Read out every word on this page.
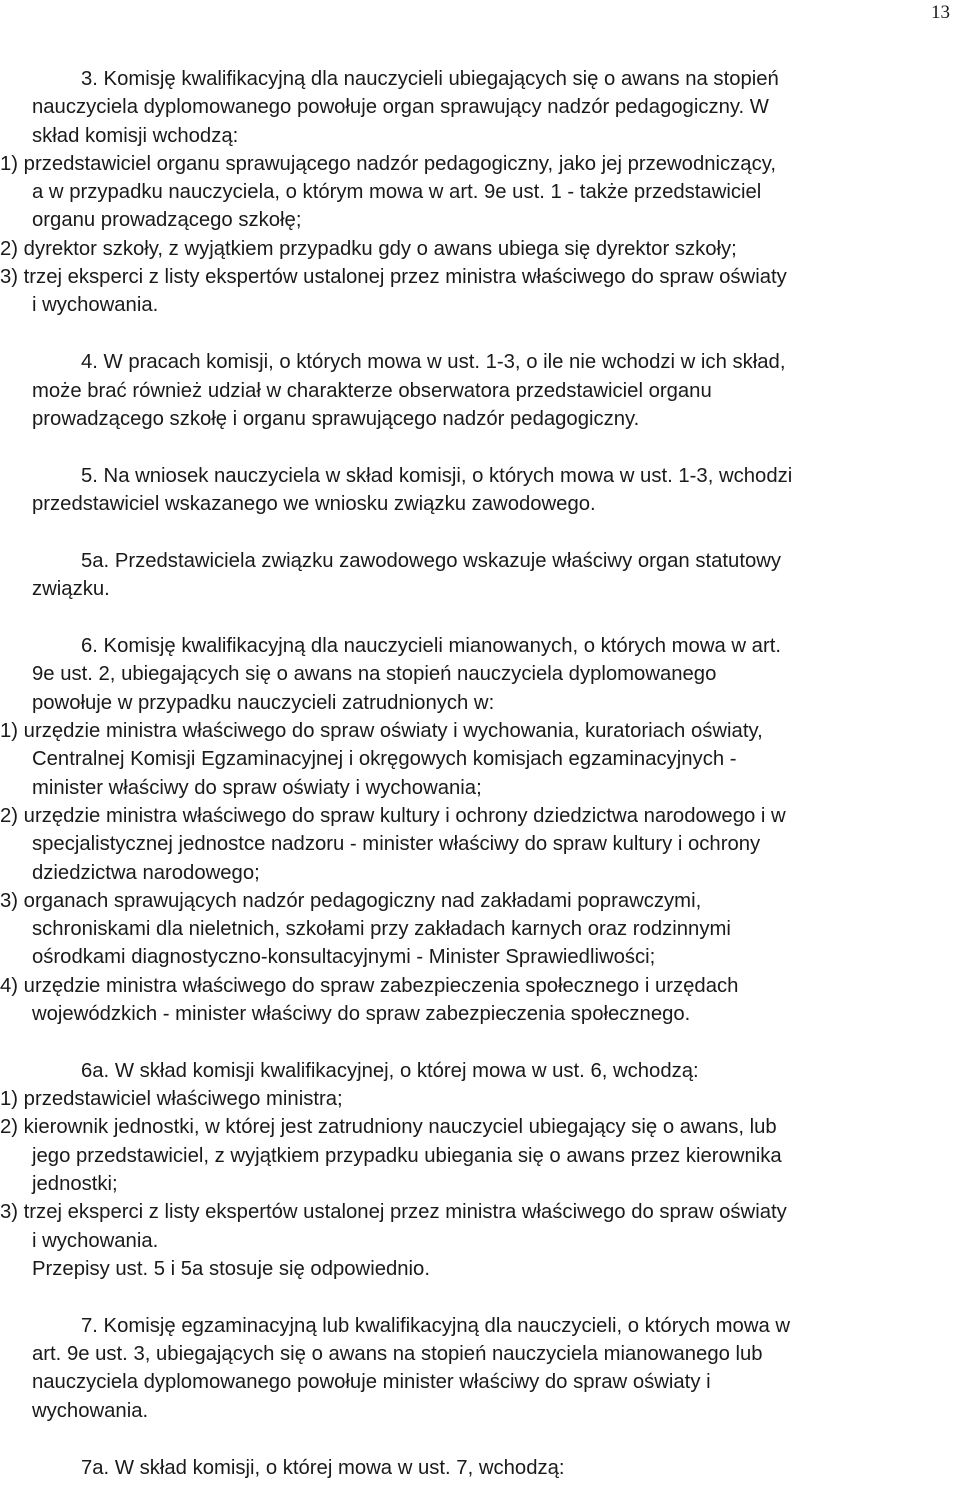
13
3. Komisję kwalifikacyjną dla nauczycieli ubiegających się o awans na stopień
nauczyciela dyplomowanego powołuje organ sprawujący nadzór pedagogiczny. W
skład komisji wchodzą:
1) przedstawiciel organu sprawującego nadzór pedagogiczny, jako jej przewodniczący,
a w przypadku nauczyciela, o którym mowa w art. 9e ust. 1 - także przedstawiciel
organu prowadzącego szkołę;
2) dyrektor szkoły, z wyjątkiem przypadku gdy o awans ubiega się dyrektor szkoły;
3) trzej eksperci z listy ekspertów ustalonej przez ministra właściwego do spraw oświaty
i wychowania.
4. W pracach komisji, o których mowa w ust. 1-3, o ile nie wchodzi w ich skład,
może brać również udział w charakterze obserwatora przedstawiciel organu
prowadzącego szkołę i organu sprawującego nadzór pedagogiczny.
5. Na wniosek nauczyciela w skład komisji, o których mowa w ust. 1-3, wchodzi
przedstawiciel wskazanego we wniosku związku zawodowego.
5a. Przedstawiciela związku zawodowego wskazuje właściwy organ statutowy
związku.
6. Komisję kwalifikacyjną dla nauczycieli mianowanych, o których mowa w art.
9e ust. 2, ubiegających się o awans na stopień nauczyciela dyplomowanego
powołuje w przypadku nauczycieli zatrudnionych w:
1) urzędzie ministra właściwego do spraw oświaty i wychowania, kuratoriach oświaty,
Centralnej Komisji Egzaminacyjnej i okręgowych komisjach egzaminacyjnych -
minister właściwy do spraw oświaty i wychowania;
2) urzędzie ministra właściwego do spraw kultury i ochrony dziedzictwa narodowego i w
specjalistycznej jednostce nadzoru - minister właściwy do spraw kultury i ochrony
dziedzictwa narodowego;
3) organach sprawujących nadzór pedagogiczny nad zakładami poprawczymi,
schroniskami dla nieletnich, szkołami przy zakładach karnych oraz rodzinnymi
ośrodkami diagnostyczno-konsultacyjnymi - Minister Sprawiedliwości;
4) urzędzie ministra właściwego do spraw zabezpieczenia społecznego i urzędach
wojewódzkich - minister właściwy do spraw zabezpieczenia społecznego.
6a. W skład komisji kwalifikacyjnej, o której mowa w ust. 6, wchodzą:
1) przedstawiciel właściwego ministra;
2) kierownik jednostki, w której jest zatrudniony nauczyciel ubiegający się o awans, lub
jego przedstawiciel, z wyjątkiem przypadku ubiegania się o awans przez kierownika
jednostki;
3) trzej eksperci z listy ekspertów ustalonej przez ministra właściwego do spraw oświaty
i wychowania.
Przepisy ust. 5 i 5a stosuje się odpowiednio.
7. Komisję egzaminacyjną lub kwalifikacyjną dla nauczycieli, o których mowa w
art. 9e ust. 3, ubiegających się o awans na stopień nauczyciela mianowanego lub
nauczyciela dyplomowanego powołuje minister właściwy do spraw oświaty i
wychowania.
7a. W skład komisji, o której mowa w ust. 7, wchodzą:
